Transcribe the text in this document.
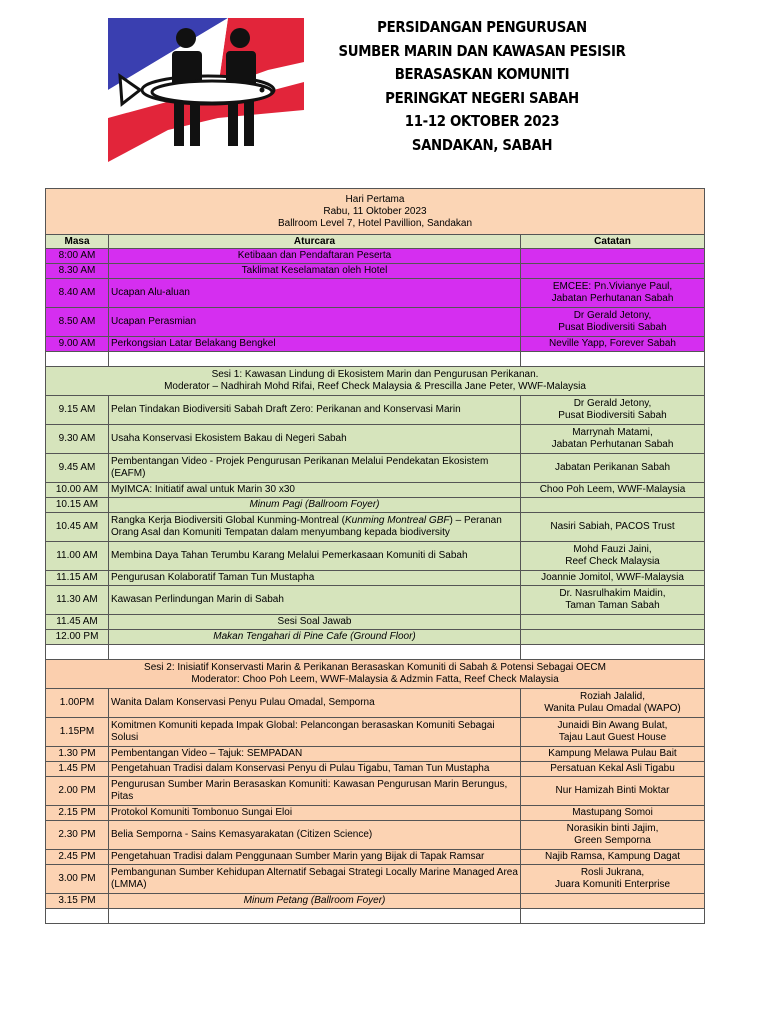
PERSIDANGAN PENGURUSAN
SUMBER MARIN DAN KAWASAN PESISIR
BERASASKAN KOMUNITI
PERINGKAT NEGERI SABAH
11-12 OKTOBER 2023
SANDAKAN, SABAH
Hari Pertama
Rabu, 11 Oktober 2023
Ballroom Level 7, Hotel Pavillion, Sandakan		

Masa	Aturcara	Catatan
8:00 AM	Ketibaan dan Pendaftaran Peserta	
8.30 AM	Taklimat Keselamatan oleh Hotel	
8.40 AM	Ucapan Alu-aluan	EMCEE: Pn.Vivianye Paul,
Jabatan Perhutanan Sabah

8.50 AM	Ucapan Perasmian	Dr Gerald Jetony,
Pusat Biodiversiti Sabah

9.00 AM	Perkongsian Latar Belakang Bengkel	Neville Yapp, Forever Sabah

Sesi 1: Kawasan Lindung di Ekosistem Marin dan Pengurusan Perikanan.
Moderator – Nadhirah Mohd Rifai, Reef Check Malaysia & Prescilla Jane Peter, WWF-Malaysia		

9.15 AM	Pelan Tindakan Biodiversiti Sabah Draft Zero: Perikanan and Konservasi Marin	Dr Gerald Jetony,
Pusat Biodiversiti Sabah

9.30 AM	Usaha Konservasi Ekosistem Bakau di Negeri Sabah	Marrynah Matami,
Jabatan Perhutanan Sabah

9.45 AM	Pembentangan Video - Projek Pengurusan Perikanan Melalui Pendekatan Ekosistem (EAFM)	Jabatan Perikanan Sabah

10.00 AM	MyIMCA: Initiatif awal untuk Marin 30 x30	Choo Poh Leem, WWF-Malaysia

10.15 AM	Minum Pagi (Ballroom Foyer)	
10.45 AM	Rangka Kerja Biodiversiti Global Kunming-Montreal (Kunming Montreal GBF) – Peranan Orang Asal dan Komuniti Tempatan dalam menyumbang kepada biodiversity	Nasiri Sabiah, PACOS Trust

11.00 AM	Membina Daya Tahan Terumbu Karang Melalui Pemerkasaan Komuniti di Sabah	Mohd Fauzi Jaini,
Reef Check Malaysia

11.15 AM	Pengurusan Kolaboratif Taman Tun Mustapha	Joannie Jomitol, WWF-Malaysia

11.30 AM	Kawasan Perlindungan Marin di Sabah	Dr. Nasrulhakim Maidin,
Taman Taman Sabah

11.45 AM	Sesi Soal Jawab	
12.00 PM	Makan Tengahari di Pine Cafe (Ground Floor)	

Sesi 2: Inisiatif Konservasti Marin & Perikanan Berasaskan Komuniti di Sabah & Potensi Sebagai OECM
Moderator: Choo Poh Leem, WWF-Malaysia & Adzmin Fatta, Reef Check Malaysia		

1.00PM	Wanita Dalam Konservasi Penyu Pulau Omadal, Semporna	Roziah Jalalid,
Wanita Pulau Omadal (WAPO)

1.15PM	Komitmen Komuniti kepada Impak Global: Pelancongan berasaskan Komuniti Sebagai Solusi	Junaidi Bin Awang Bulat,
Tajau Laut Guest House

1.30 PM	Pembentangan Video – Tajuk: SEMPADAN	Kampung Melawa Pulau Bait

1.45 PM	Pengetahuan Tradisi dalam Konservasi Penyu di Pulau Tigabu, Taman Tun Mustapha	Persatuan Kekal Asli Tigabu

2.00 PM	Pengurusan Sumber Marin Berasaskan Komuniti: Kawasan Pengurusan Marin Berungus, Pitas	Nur Hamizah Binti Moktar

2.15 PM	Protokol Komuniti Tombonuo Sungai Eloi	Mastupang Somoi

2.30 PM	Belia Semporna - Sains Kemasyarakatan (Citizen Science)	Norasikin binti Jajim,
Green Semporna

2.45 PM	Pengetahuan Tradisi dalam Penggunaan Sumber Marin yang Bijak di Tapak Ramsar	Najib Ramsa, Kampung Dagat

3.00 PM	Pembangunan Sumber Kehidupan Alternatif Sebagai Strategi Locally Marine Managed Area (LMMA)	Rosli Jukrana,
Juara Komuniti Enterprise

3.15 PM	Minum Petang (Ballroom Foyer)	
